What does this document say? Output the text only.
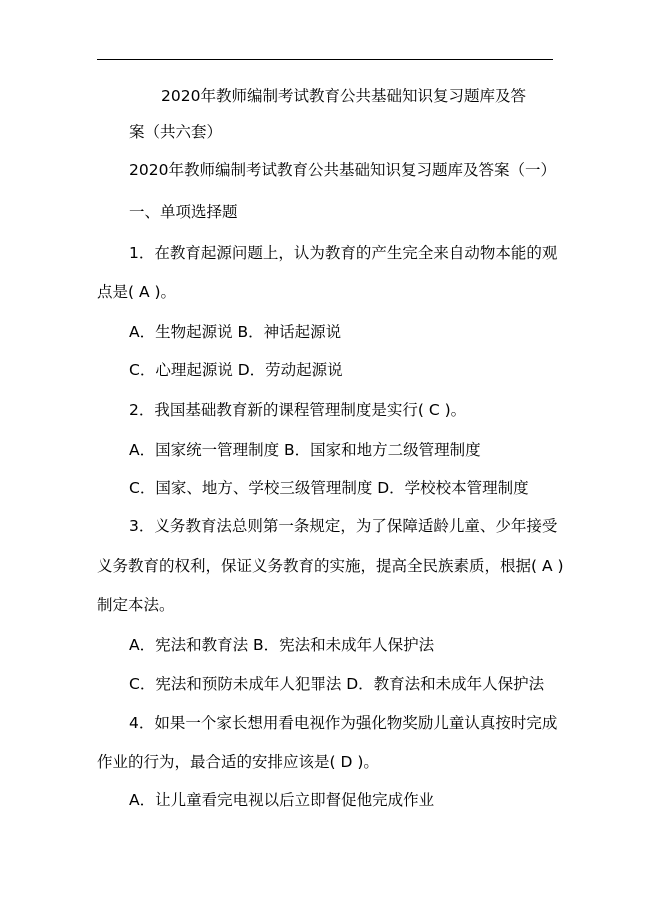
2020年教师编制考试教育公共基础知识复习题库及答
案（共六套）
2020年教师编制考试教育公共基础知识复习题库及答案（一）
一、单项选择题
1．在教育起源问题上，认为教育的产生完全来自动物本能的观
点是( A )。
A．生物起源说 B．神话起源说
C．心理起源说 D．劳动起源说
2．我国基础教育新的课程管理制度是实行( C )。
A．国家统一管理制度 B．国家和地方二级管理制度
C．国家、地方、学校三级管理制度 D．学校校本管理制度
3．义务教育法总则第一条规定，为了保障适龄儿童、少年接受
义务教育的权利，保证义务教育的实施，提高全民族素质，根据( A )
制定本法。
A．宪法和教育法 B．宪法和未成年人保护法
C．宪法和预防未成年人犯罪法 D．教育法和未成年人保护法
4．如果一个家长想用看电视作为强化物奖励儿童认真按时完成
作业的行为，最合适的安排应该是( D )。
A．让儿童看完电视以后立即督促他完成作业
